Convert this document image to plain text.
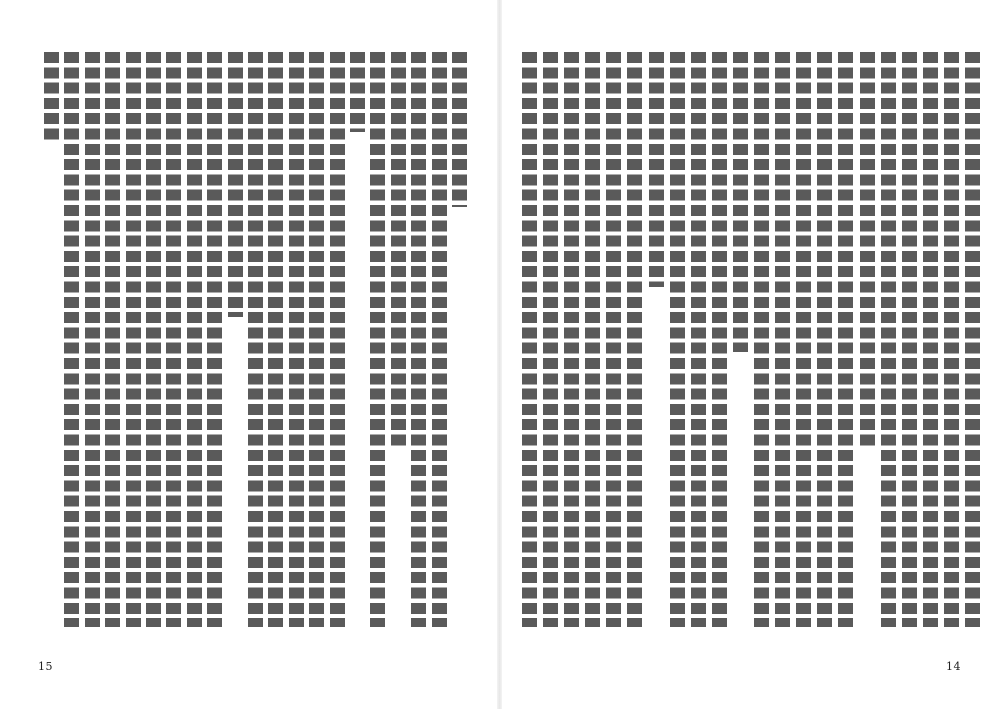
15	14
